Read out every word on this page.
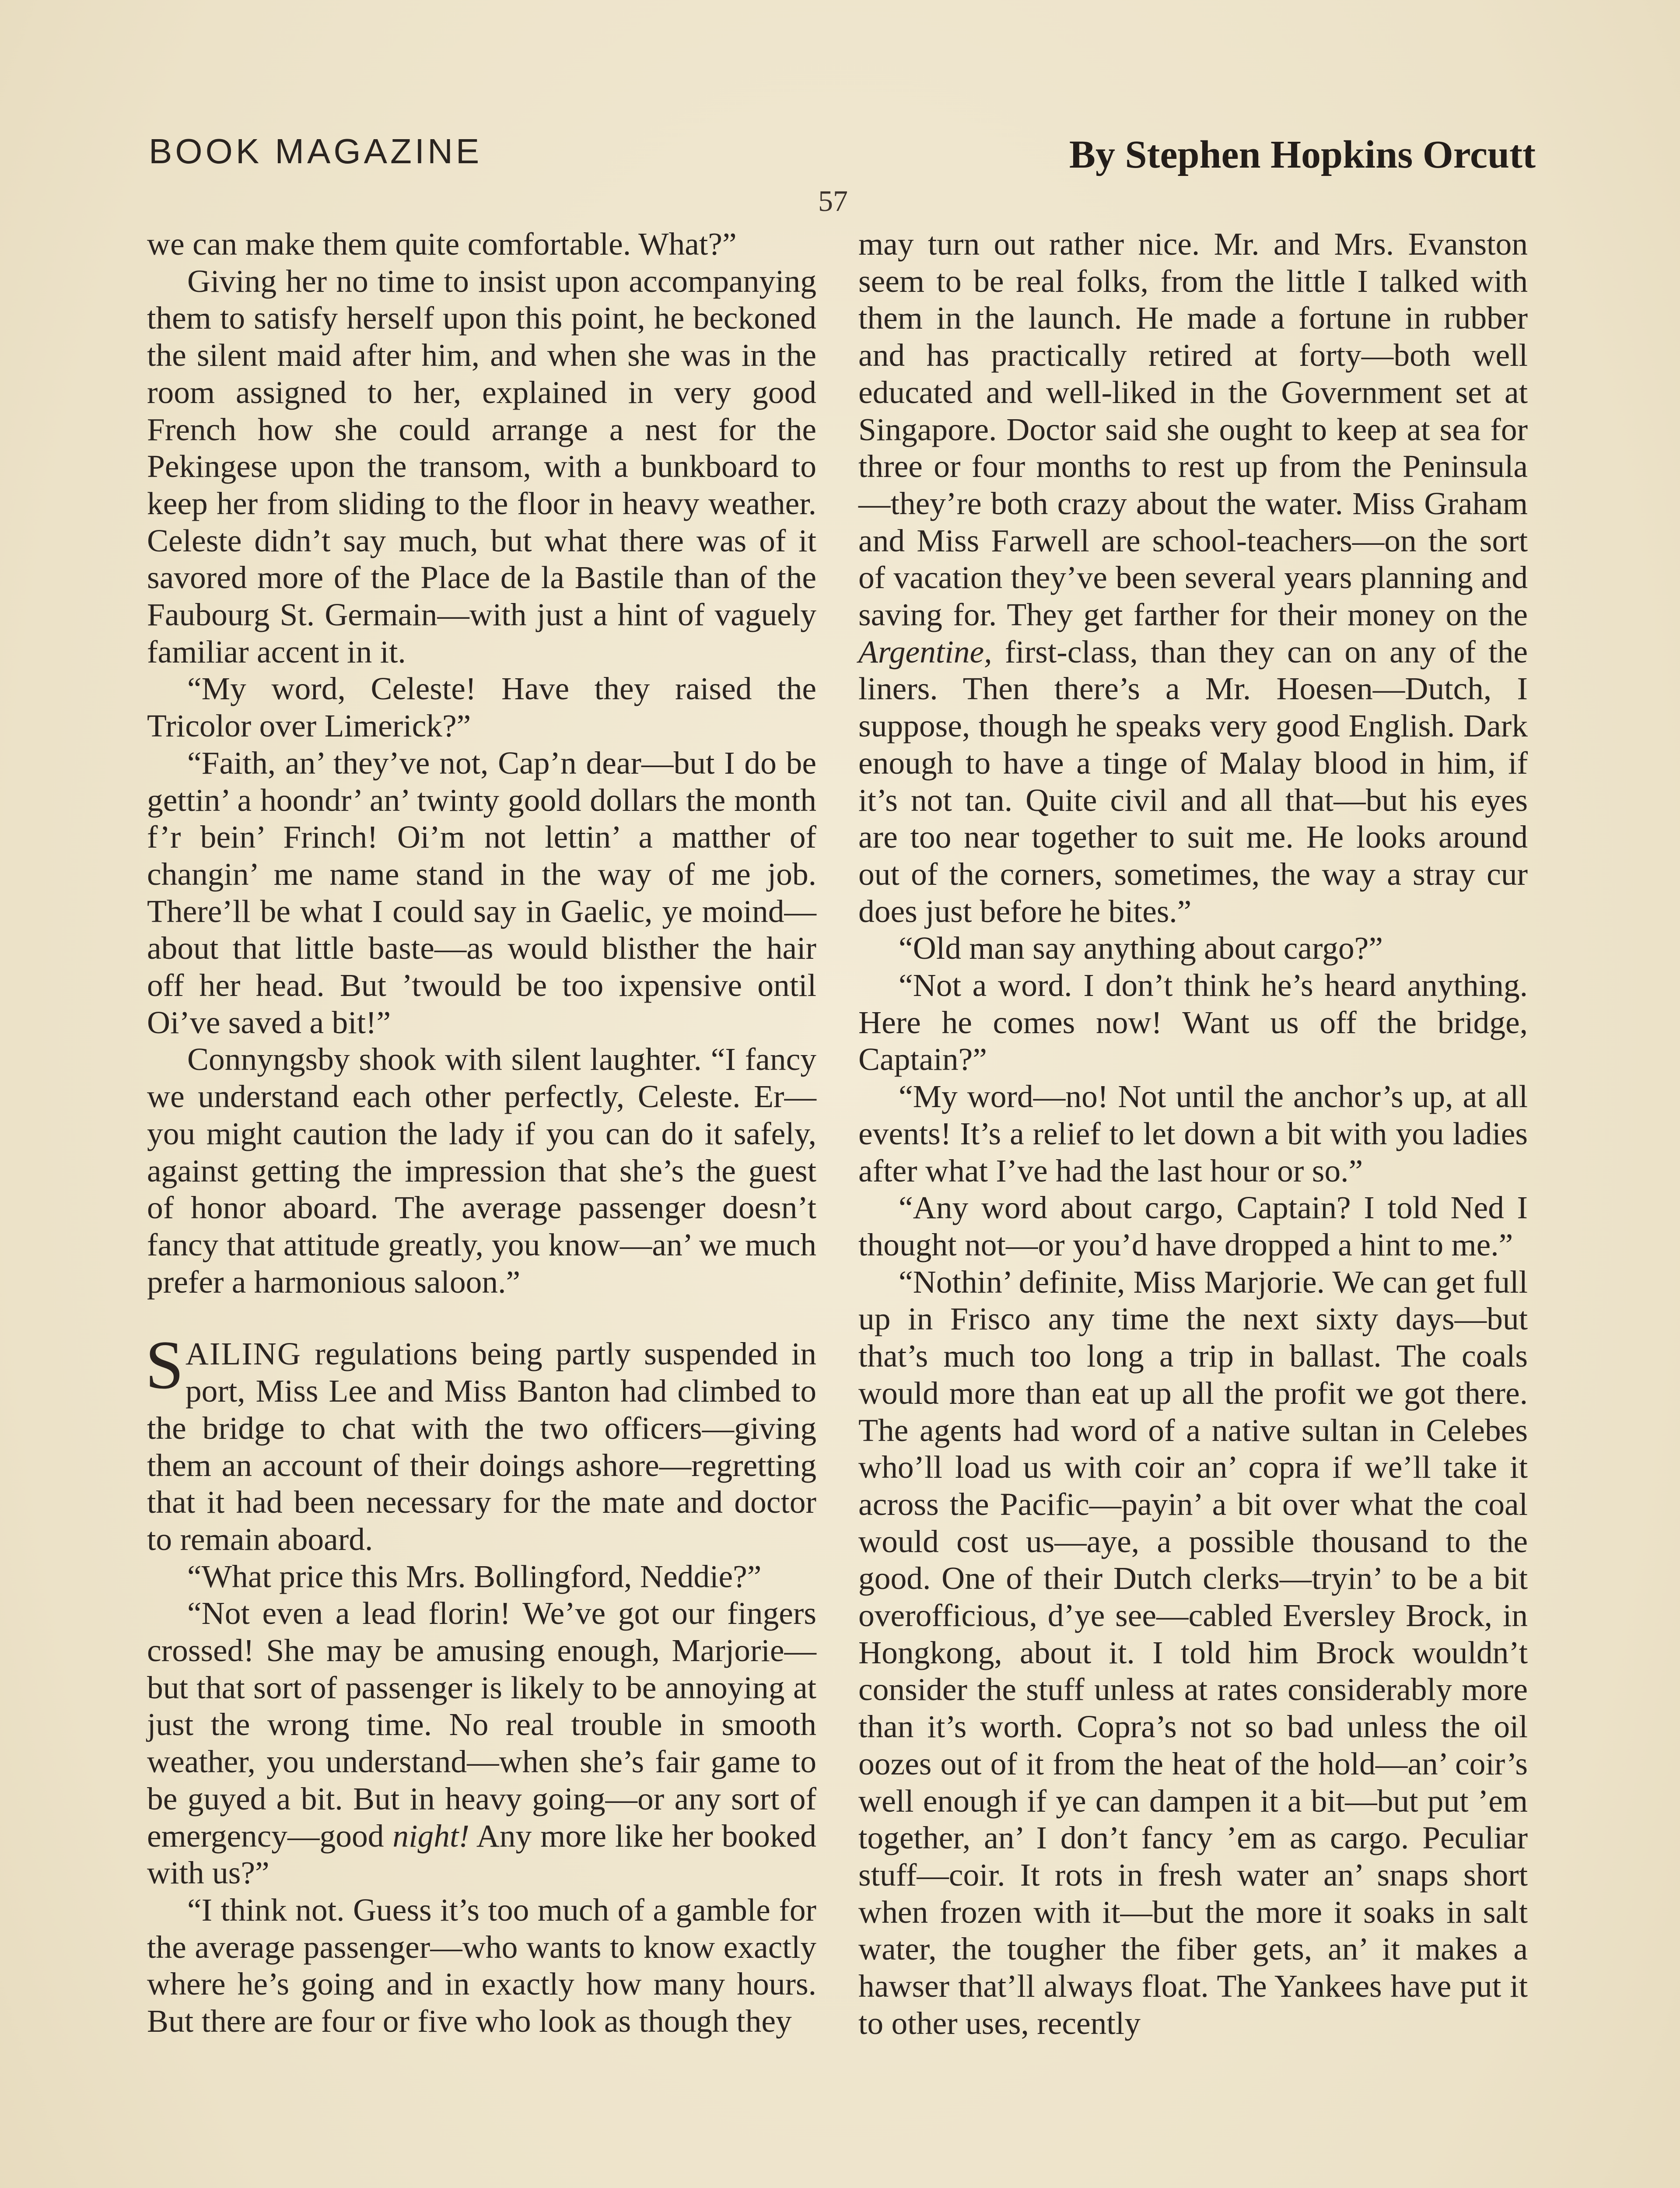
BOOK MAGAZINE	By Stephen Hopkins Orcutt
57

we can make them quite comfortable. What?”

Giving her no time to insist upon accompanying them to satisfy herself upon this point, he beckoned the silent maid after him, and when she was in the room assigned to her, explained in very good French how she could arrange a nest for the Pekingese upon the transom, with a bunkboard to keep her from sliding to the floor in heavy weather. Celeste didn’t say much, but what there was of it savored more of the Place de la Bastile than of the Faubourg St. Germain—with just a hint of vaguely familiar accent in it.

“My word, Celeste! Have they raised the Tricolor over Limerick?”

“Faith, an’ they’ve not, Cap’n dear—but I do be gettin’ a hoondr’ an’ twinty goold dollars the month f’r bein’ Frinch! Oi’m not lettin’ a matther of changin’ me name stand in the way of me job. There’ll be what I could say in Gaelic, ye moind—about that little baste—as would blisther the hair off her head. But ’twould be too ixpensive ontil Oi’ve saved a bit!”

Connyngsby shook with silent laughter. “I fancy we understand each other perfectly, Celeste. Er—you might caution the lady if you can do it safely, against getting the impression that she’s the guest of honor aboard. The average passenger doesn’t fancy that attitude greatly, you know—an’ we much prefer a harmonious saloon.”

SAILING regulations being partly suspended in port, Miss Lee and Miss Banton had climbed to the bridge to chat with the two officers—giving them an account of their doings ashore—regretting that it had been necessary for the mate and doctor to remain aboard.

“What price this Mrs. Bollingford, Neddie?”

“Not even a lead florin! We’ve got our fingers crossed! She may be amusing enough, Marjorie—but that sort of passenger is likely to be annoying at just the wrong time. No real trouble in smooth weather, you understand—when she’s fair game to be guyed a bit. But in heavy going—or any sort of emergency—good night! Any more like her booked with us?”

“I think not. Guess it’s too much of a gamble for the average passenger—who wants to know exactly where he’s going and in exactly how many hours. But there are four or five who look as though they

may turn out rather nice. Mr. and Mrs. Evanston seem to be real folks, from the little I talked with them in the launch. He made a fortune in rubber and has practically retired at forty—both well educated and well-liked in the Government set at Singapore. Doctor said she ought to keep at sea for three or four months to rest up from the Peninsula—they’re both crazy about the water. Miss Graham and Miss Farwell are school-teachers—on the sort of vacation they’ve been several years planning and saving for. They get farther for their money on the Argentine, first-class, than they can on any of the liners. Then there’s a Mr. Hoesen—Dutch, I suppose, though he speaks very good English. Dark enough to have a tinge of Malay blood in him, if it’s not tan. Quite civil and all that—but his eyes are too near together to suit me. He looks around out of the corners, sometimes, the way a stray cur does just before he bites.”

“Old man say anything about cargo?”

“Not a word. I don’t think he’s heard anything. Here he comes now! Want us off the bridge, Captain?”

“My word—no! Not until the anchor’s up, at all events! It’s a relief to let down a bit with you ladies after what I’ve had the last hour or so.”

“Any word about cargo, Captain? I told Ned I thought not—or you’d have dropped a hint to me.”

“Nothin’ definite, Miss Marjorie. We can get full up in Frisco any time the next sixty days—but that’s much too long a trip in ballast. The coals would more than eat up all the profit we got there. The agents had word of a native sultan in Celebes who’ll load us with coir an’ copra if we’ll take it across the Pacific—payin’ a bit over what the coal would cost us—aye, a possible thousand to the good. One of their Dutch clerks—tryin’ to be a bit overofficious, d’ye see—cabled Eversley Brock, in Hongkong, about it. I told him Brock wouldn’t consider the stuff unless at rates considerably more than it’s worth. Copra’s not so bad unless the oil oozes out of it from the heat of the hold—an’ coir’s well enough if ye can dampen it a bit—but put ’em together, an’ I don’t fancy ’em as cargo. Peculiar stuff—coir. It rots in fresh water an’ snaps short when frozen with it—but the more it soaks in salt water, the tougher the fiber gets, an’ it makes a hawser that’ll always float. The Yankees have put it to other uses, recently
